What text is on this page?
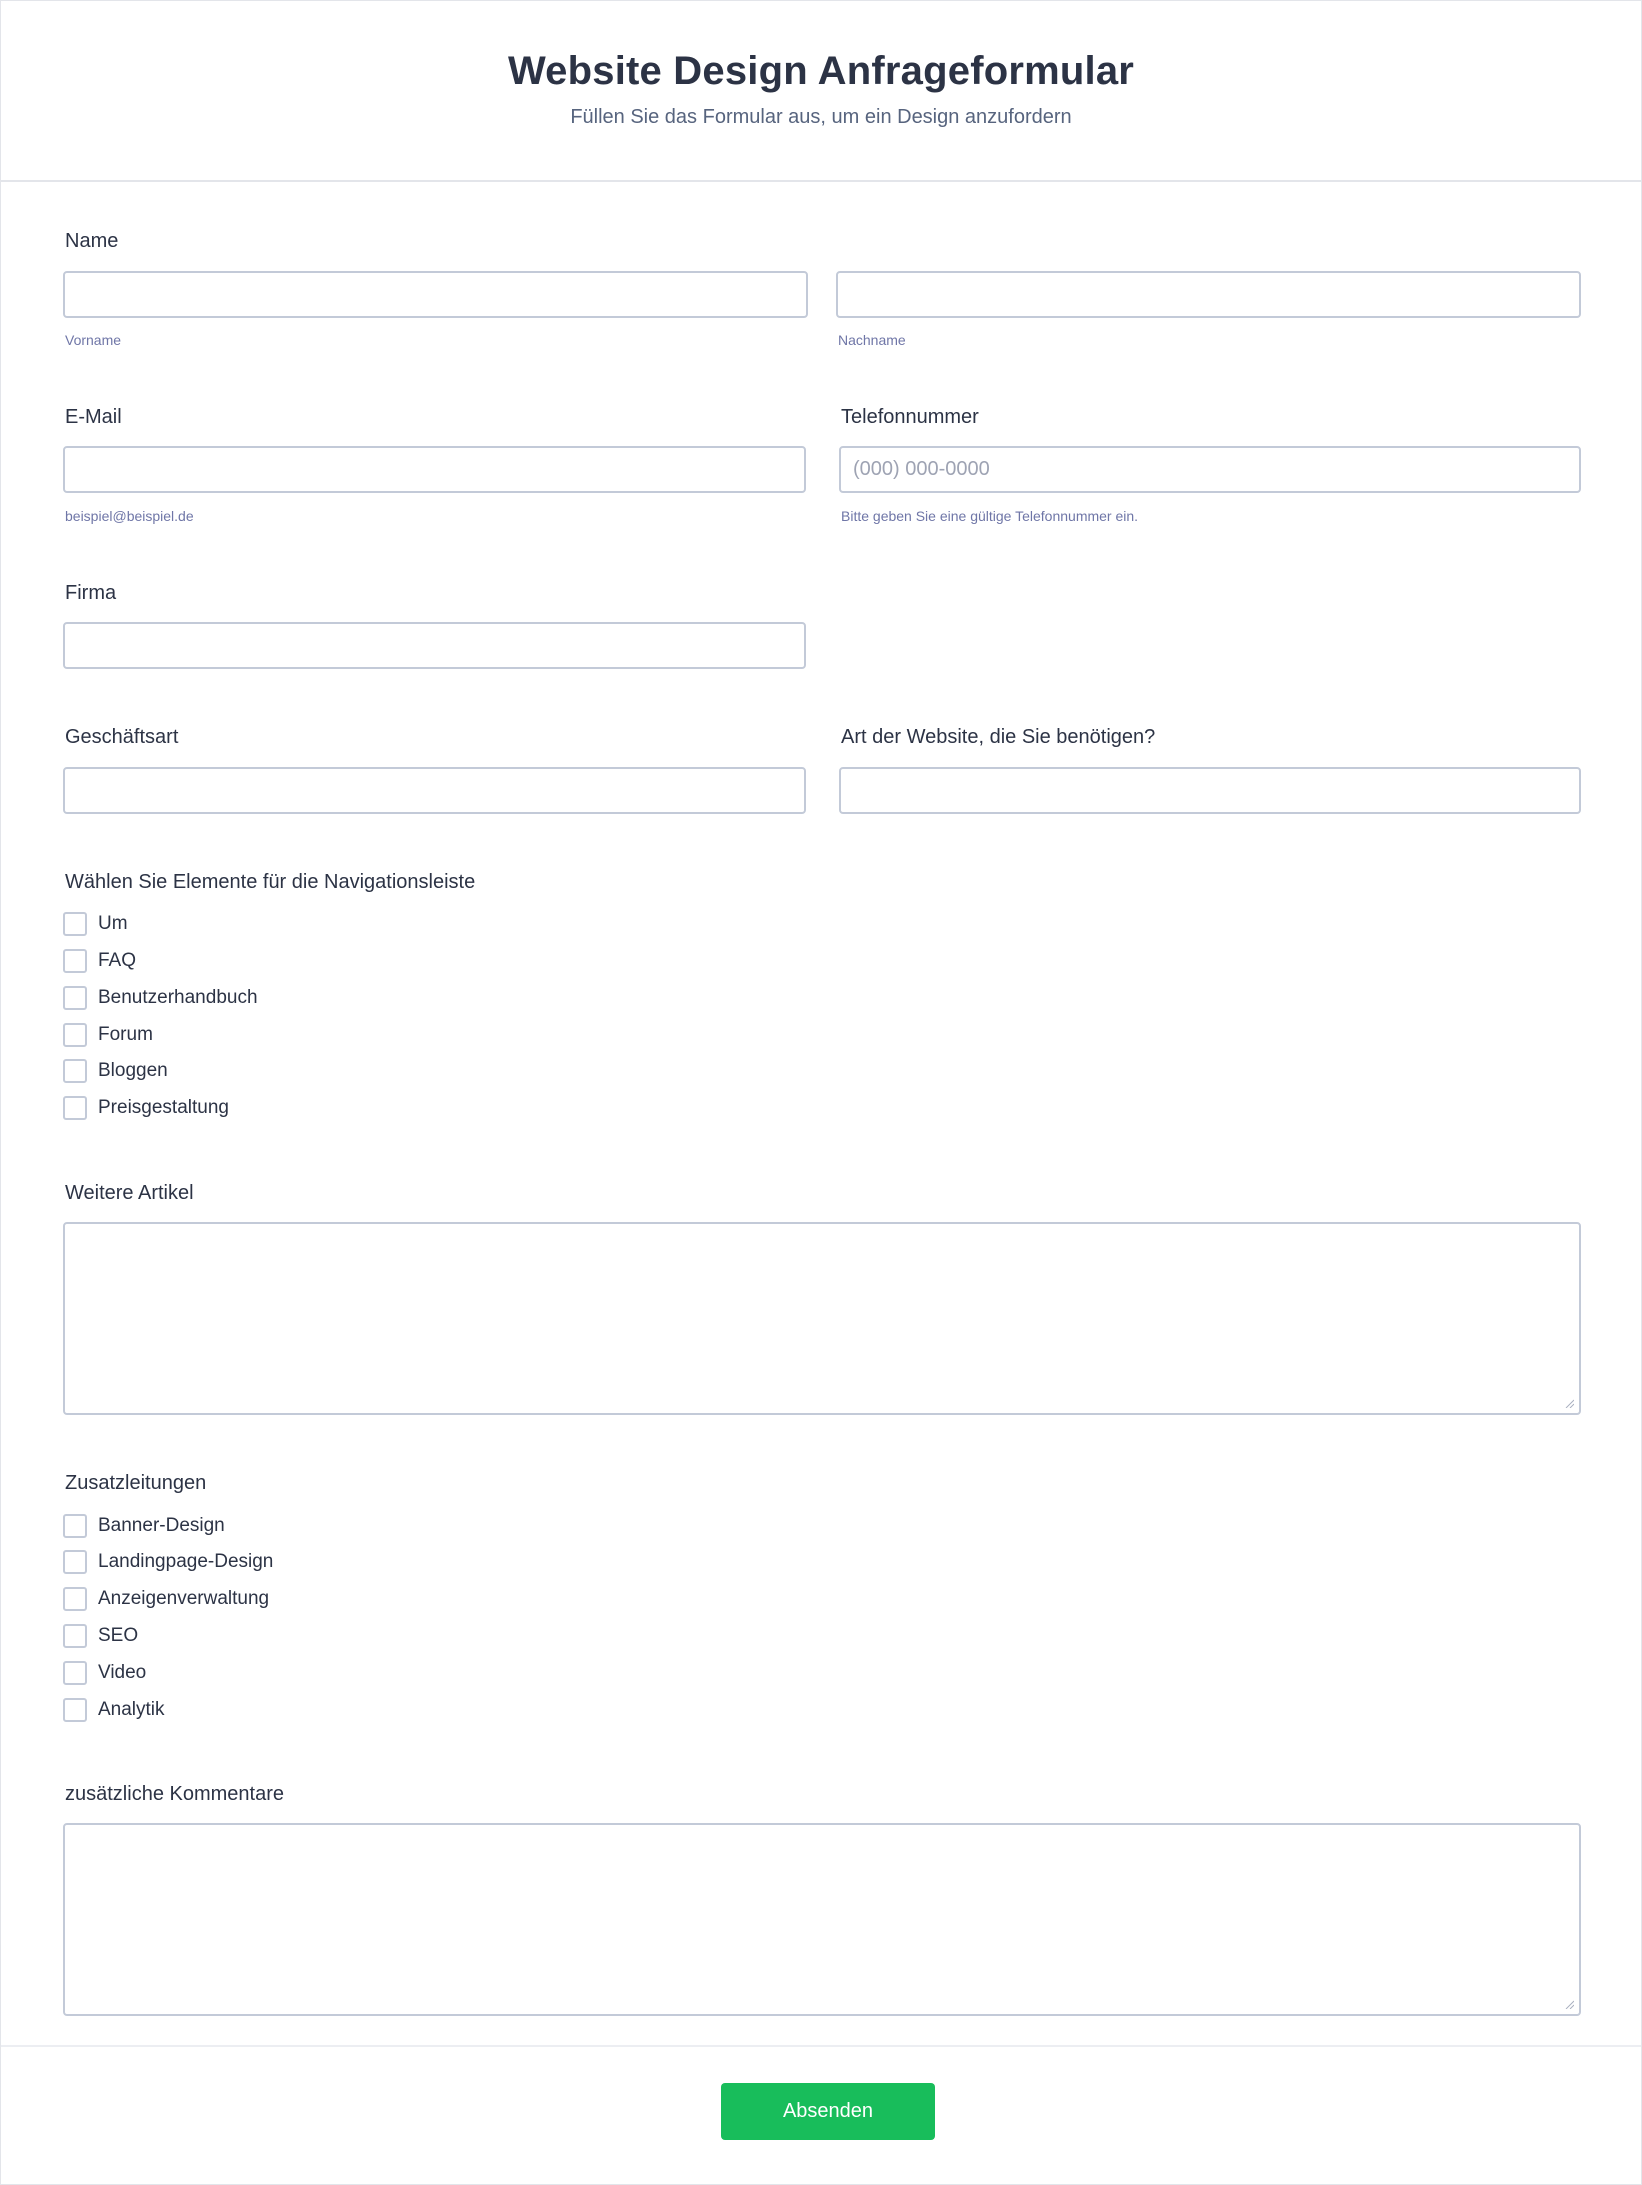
Website Design Anfrageformular
Füllen Sie das Formular aus, um ein Design anzufordern
Name
Vorname	Nachname
E-Mail
beispiel@beispiel.de
Telefonnummer
(000) 000-0000
Bitte geben Sie eine gültige Telefonnummer ein.
Firma
Geschäftsart	Art der Website, die Sie benötigen?
Wählen Sie Elemente für die Navigationsleiste
Um
FAQ
Benutzerhandbuch
Forum
Bloggen
Preisgestaltung
Weitere Artikel
Zusatzleitungen
Banner-Design
Landingpage-Design
Anzeigenverwaltung
SEO
Video
Analytik
zusätzliche Kommentare
Absenden
